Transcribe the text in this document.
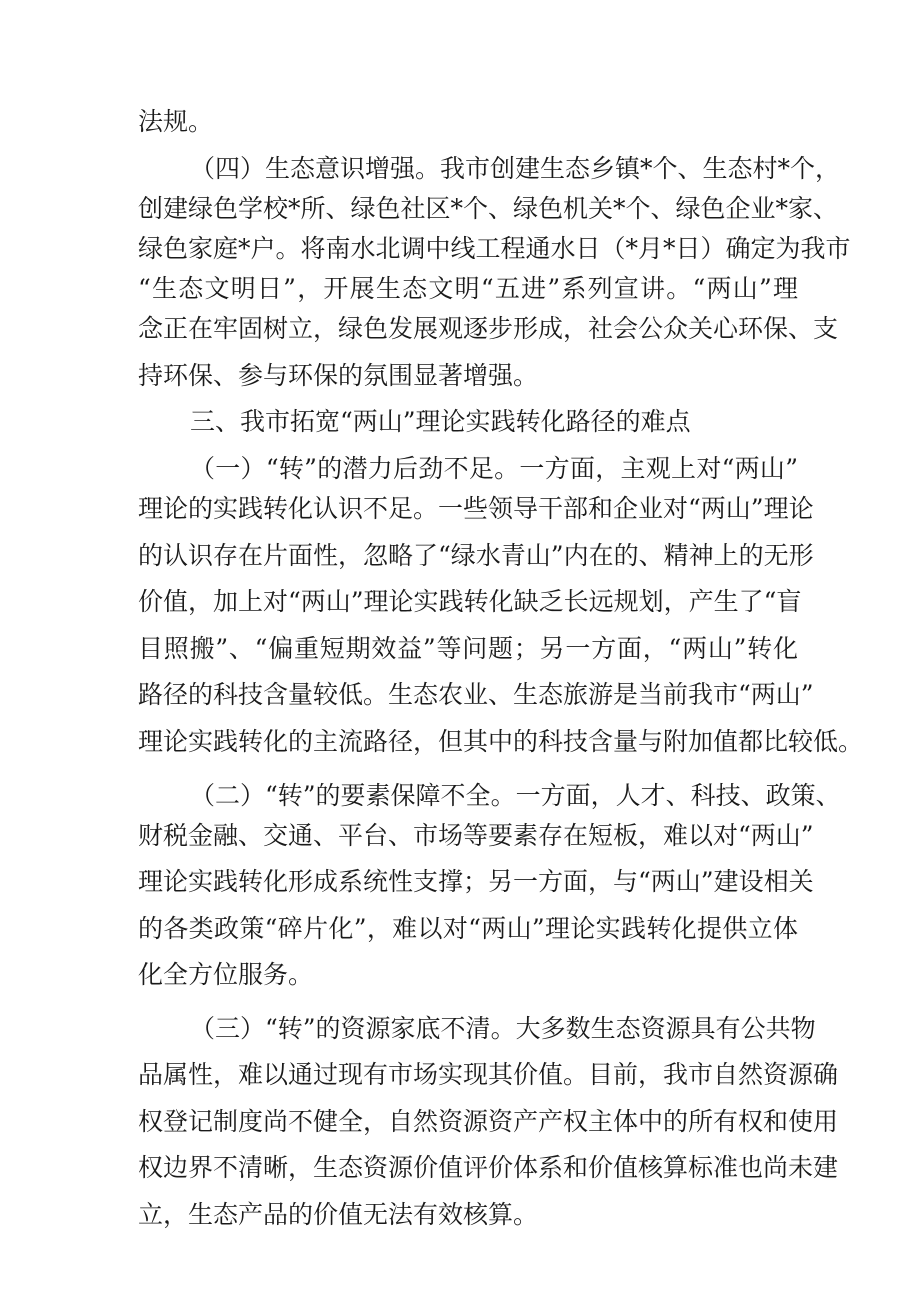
法规。
（四）生态意识增强。我市创建生态乡镇*个、生态村*个，
创建绿色学校*所、绿色社区*个、绿色机关*个、绿色企业*家、
绿色家庭*户。将南水北调中线工程通水日（*月*日）确定为我市
“生态文明日”，开展生态文明“五进”系列宣讲。“两山”理
念正在牢固树立，绿色发展观逐步形成，社会公众关心环保、支
持环保、参与环保的氛围显著增强。
三、我市拓宽“两山”理论实践转化路径的难点
（一）“转”的潜力后劲不足。一方面，主观上对“两山”
理论的实践转化认识不足。一些领导干部和企业对“两山”理论
的认识存在片面性，忽略了“绿水青山”内在的、精神上的无形
价值，加上对“两山”理论实践转化缺乏长远规划，产生了“盲
目照搬”、“偏重短期效益”等问题；另一方面，“两山”转化
路径的科技含量较低。生态农业、生态旅游是当前我市“两山”
理论实践转化的主流路径，但其中的科技含量与附加值都比较低。
（二）“转”的要素保障不全。一方面，人才、科技、政策、
财税金融、交通、平台、市场等要素存在短板，难以对“两山”
理论实践转化形成系统性支撑；另一方面，与“两山”建设相关
的各类政策“碎片化”，难以对“两山”理论实践转化提供立体
化全方位服务。
（三）“转”的资源家底不清。大多数生态资源具有公共物
品属性，难以通过现有市场实现其价值。目前，我市自然资源确
权登记制度尚不健全，自然资源资产产权主体中的所有权和使用
权边界不清晰，生态资源价值评价体系和价值核算标准也尚未建
立，生态产品的价值无法有效核算。
